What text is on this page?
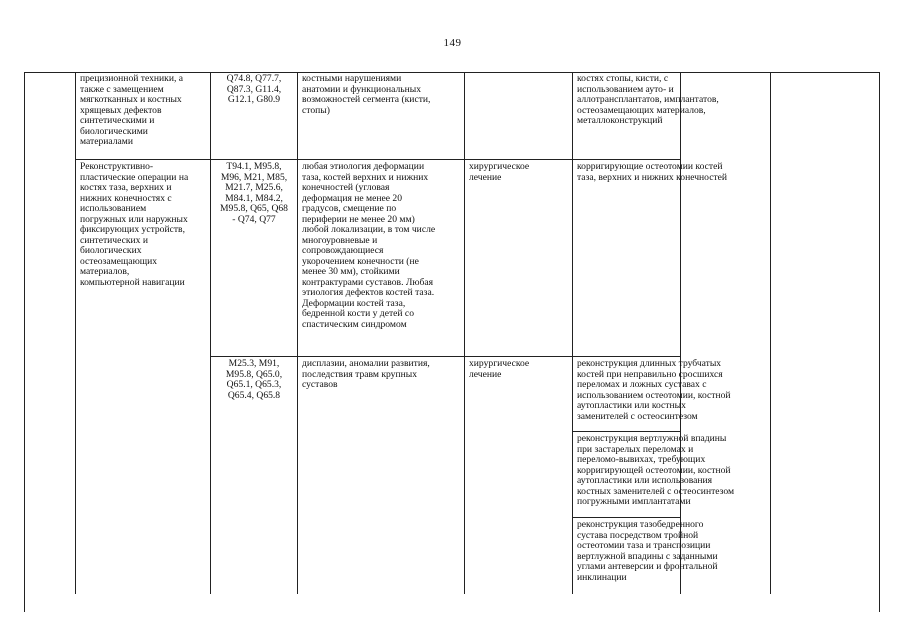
149

прецизионной техники, а
также с замещением
мягкотканных и костных
хрящевых дефектов
синтетическими и
биологическими
материалами

Q74.8, Q77.7,
Q87.3, G11.4,
G12.1, G80.9

костными нарушениями
анатомии и функциональных
возможностей сегмента (кисти,
стопы)

костях стопы, кисти, с
использованием ауто- и
аллотрансплантатов, имплантатов,
остеозамещающих материалов,
металлоконструкций

Реконструктивно-
пластические операции на
костях таза, верхних и
нижних конечностях с
использованием
погружных или наружных
фиксирующих устройств,
синтетических и
биологических
остеозамещающих
материалов,
компьютерной навигации

T94.1, M95.8,
M96, M21, M85,
M21.7, M25.6,
M84.1, M84.2,
M95.8, Q65, Q68
- Q74, Q77

любая этиология деформации
таза, костей верхних и нижних
конечностей (угловая
деформация не менее 20
градусов, смещение по
периферии не менее 20 мм)
любой локализации, в том числе
многоуровневые и
сопровождающиеся
укорочением конечности (не
менее 30 мм), стойкими
контрактурами суставов. Любая
этиология дефектов костей таза.
Деформации костей таза,
бедренной кости у детей со
спастическим синдромом

хирургическое
лечение

корригирующие остеотомии костей
таза, верхних и нижних конечностей

M25.3, M91,
M95.8, Q65.0,
Q65.1, Q65.3,
Q65.4, Q65.8

дисплазии, аномалии развития,
последствия травм крупных
суставов

хирургическое
лечение

реконструкция длинных трубчатых
костей при неправильно сросшихся
переломах и ложных суставах с
использованием остеотомии, костной
аутопластики или костных
заменителей с остеосинтезом

реконструкция вертлужной впадины
при застарелых переломах и
переломо-вывихах, требующих
корригирующей остеотомии, костной
аутопластики или использования
костных заменителей с остеосинтезом
погружными имплантатами

реконструкция тазобедренного
сустава посредством тройной
остеотомии таза и транспозиции
вертлужной впадины с заданными
углами антеверсии и фронтальной
инклинации
